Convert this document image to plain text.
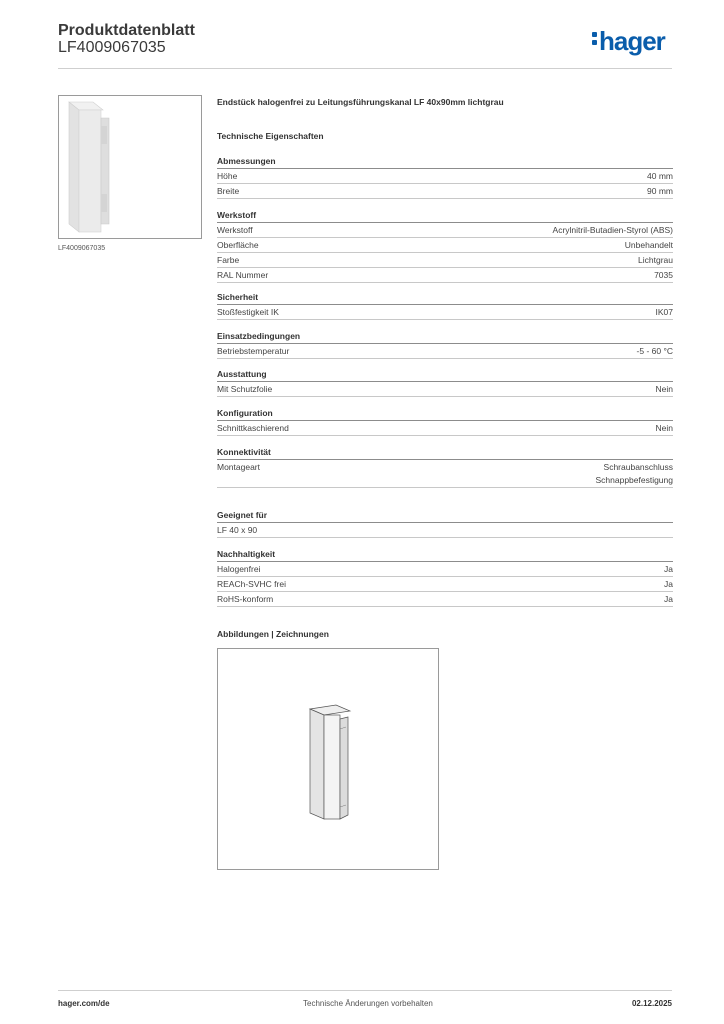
Produktdatenblatt
LF4009067035	hager
LF4009067035
Endstück halogenfrei zu Leitungsführungskanal LF 40x90mm lichtgrau
Technische Eigenschaften
Abmessungen
Höhe	40 mm
Breite	90 mm
Werkstoff
Werkstoff	Acrylnitril-Butadien-Styrol (ABS)
Oberfläche	Unbehandelt
Farbe	Lichtgrau
RAL Nummer	7035
Sicherheit
Stoßfestigkeit IK	IK07
Einsatzbedingungen
Betriebstemperatur	-5 - 60 °C
Ausstattung
Mit Schutzfolie	Nein
Konfiguration
Schnittkaschierend	Nein
Konnektivität
Montageart	Schraubanschluss
Schnappbefestigung
Geeignet für
LF 40 x 90
Nachhaltigkeit
Halogenfrei	Ja
REACh-SVHC frei	Ja
RoHS-konform	Ja
Abbildungen | Zeichnungen
hager.com/de	Technische Änderungen vorbehalten	02.12.2025
